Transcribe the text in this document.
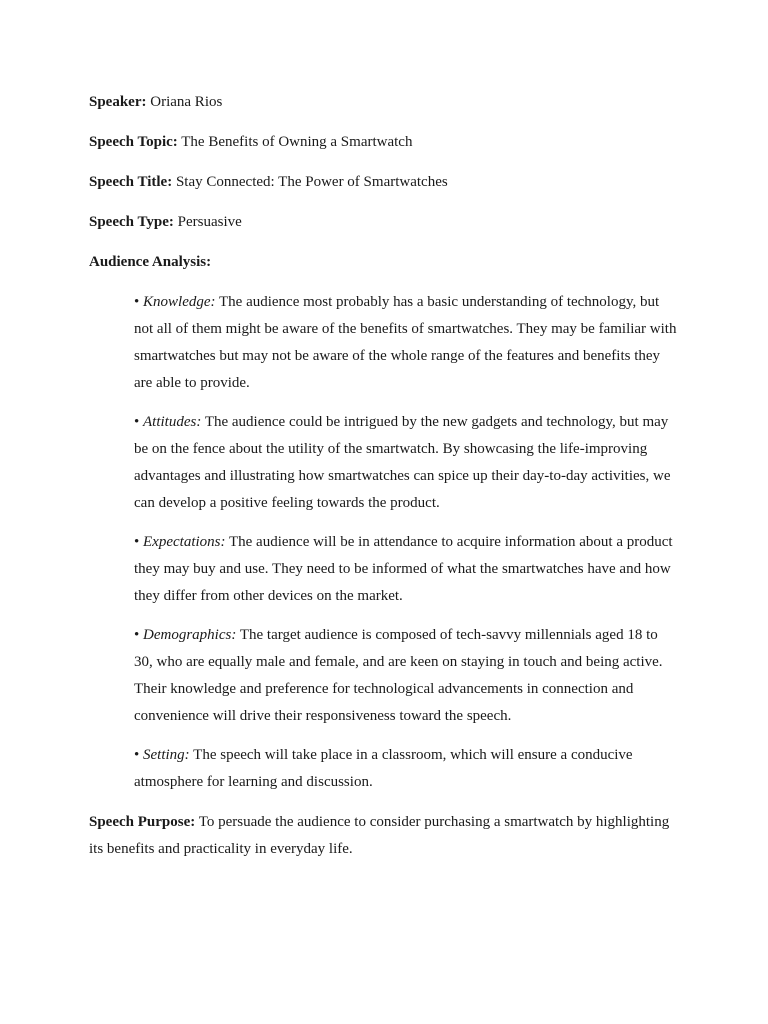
Speaker: Oriana Rios

Speech Topic: The Benefits of Owning a Smartwatch

Speech Title: Stay Connected: The Power of Smartwatches

Speech Type: Persuasive

Audience Analysis:

• Knowledge: The audience most probably has a basic understanding of technology, but not all of them might be aware of the benefits of smartwatches. They may be familiar with smartwatches but may not be aware of the whole range of the features and benefits they are able to provide.
• Attitudes: The audience could be intrigued by the new gadgets and technology, but may be on the fence about the utility of the smartwatch. By showcasing the life-improving advantages and illustrating how smartwatches can spice up their day-to-day activities, we can develop a positive feeling towards the product.
• Expectations: The audience will be in attendance to acquire information about a product they may buy and use. They need to be informed of what the smartwatches have and how they differ from other devices on the market.
• Demographics: The target audience is composed of tech-savvy millennials aged 18 to 30, who are equally male and female, and are keen on staying in touch and being active. Their knowledge and preference for technological advancements in connection and convenience will drive their responsiveness toward the speech.
• Setting: The speech will take place in a classroom, which will ensure a conducive atmosphere for learning and discussion.

Speech Purpose: To persuade the audience to consider purchasing a smartwatch by highlighting its benefits and practicality in everyday life.
